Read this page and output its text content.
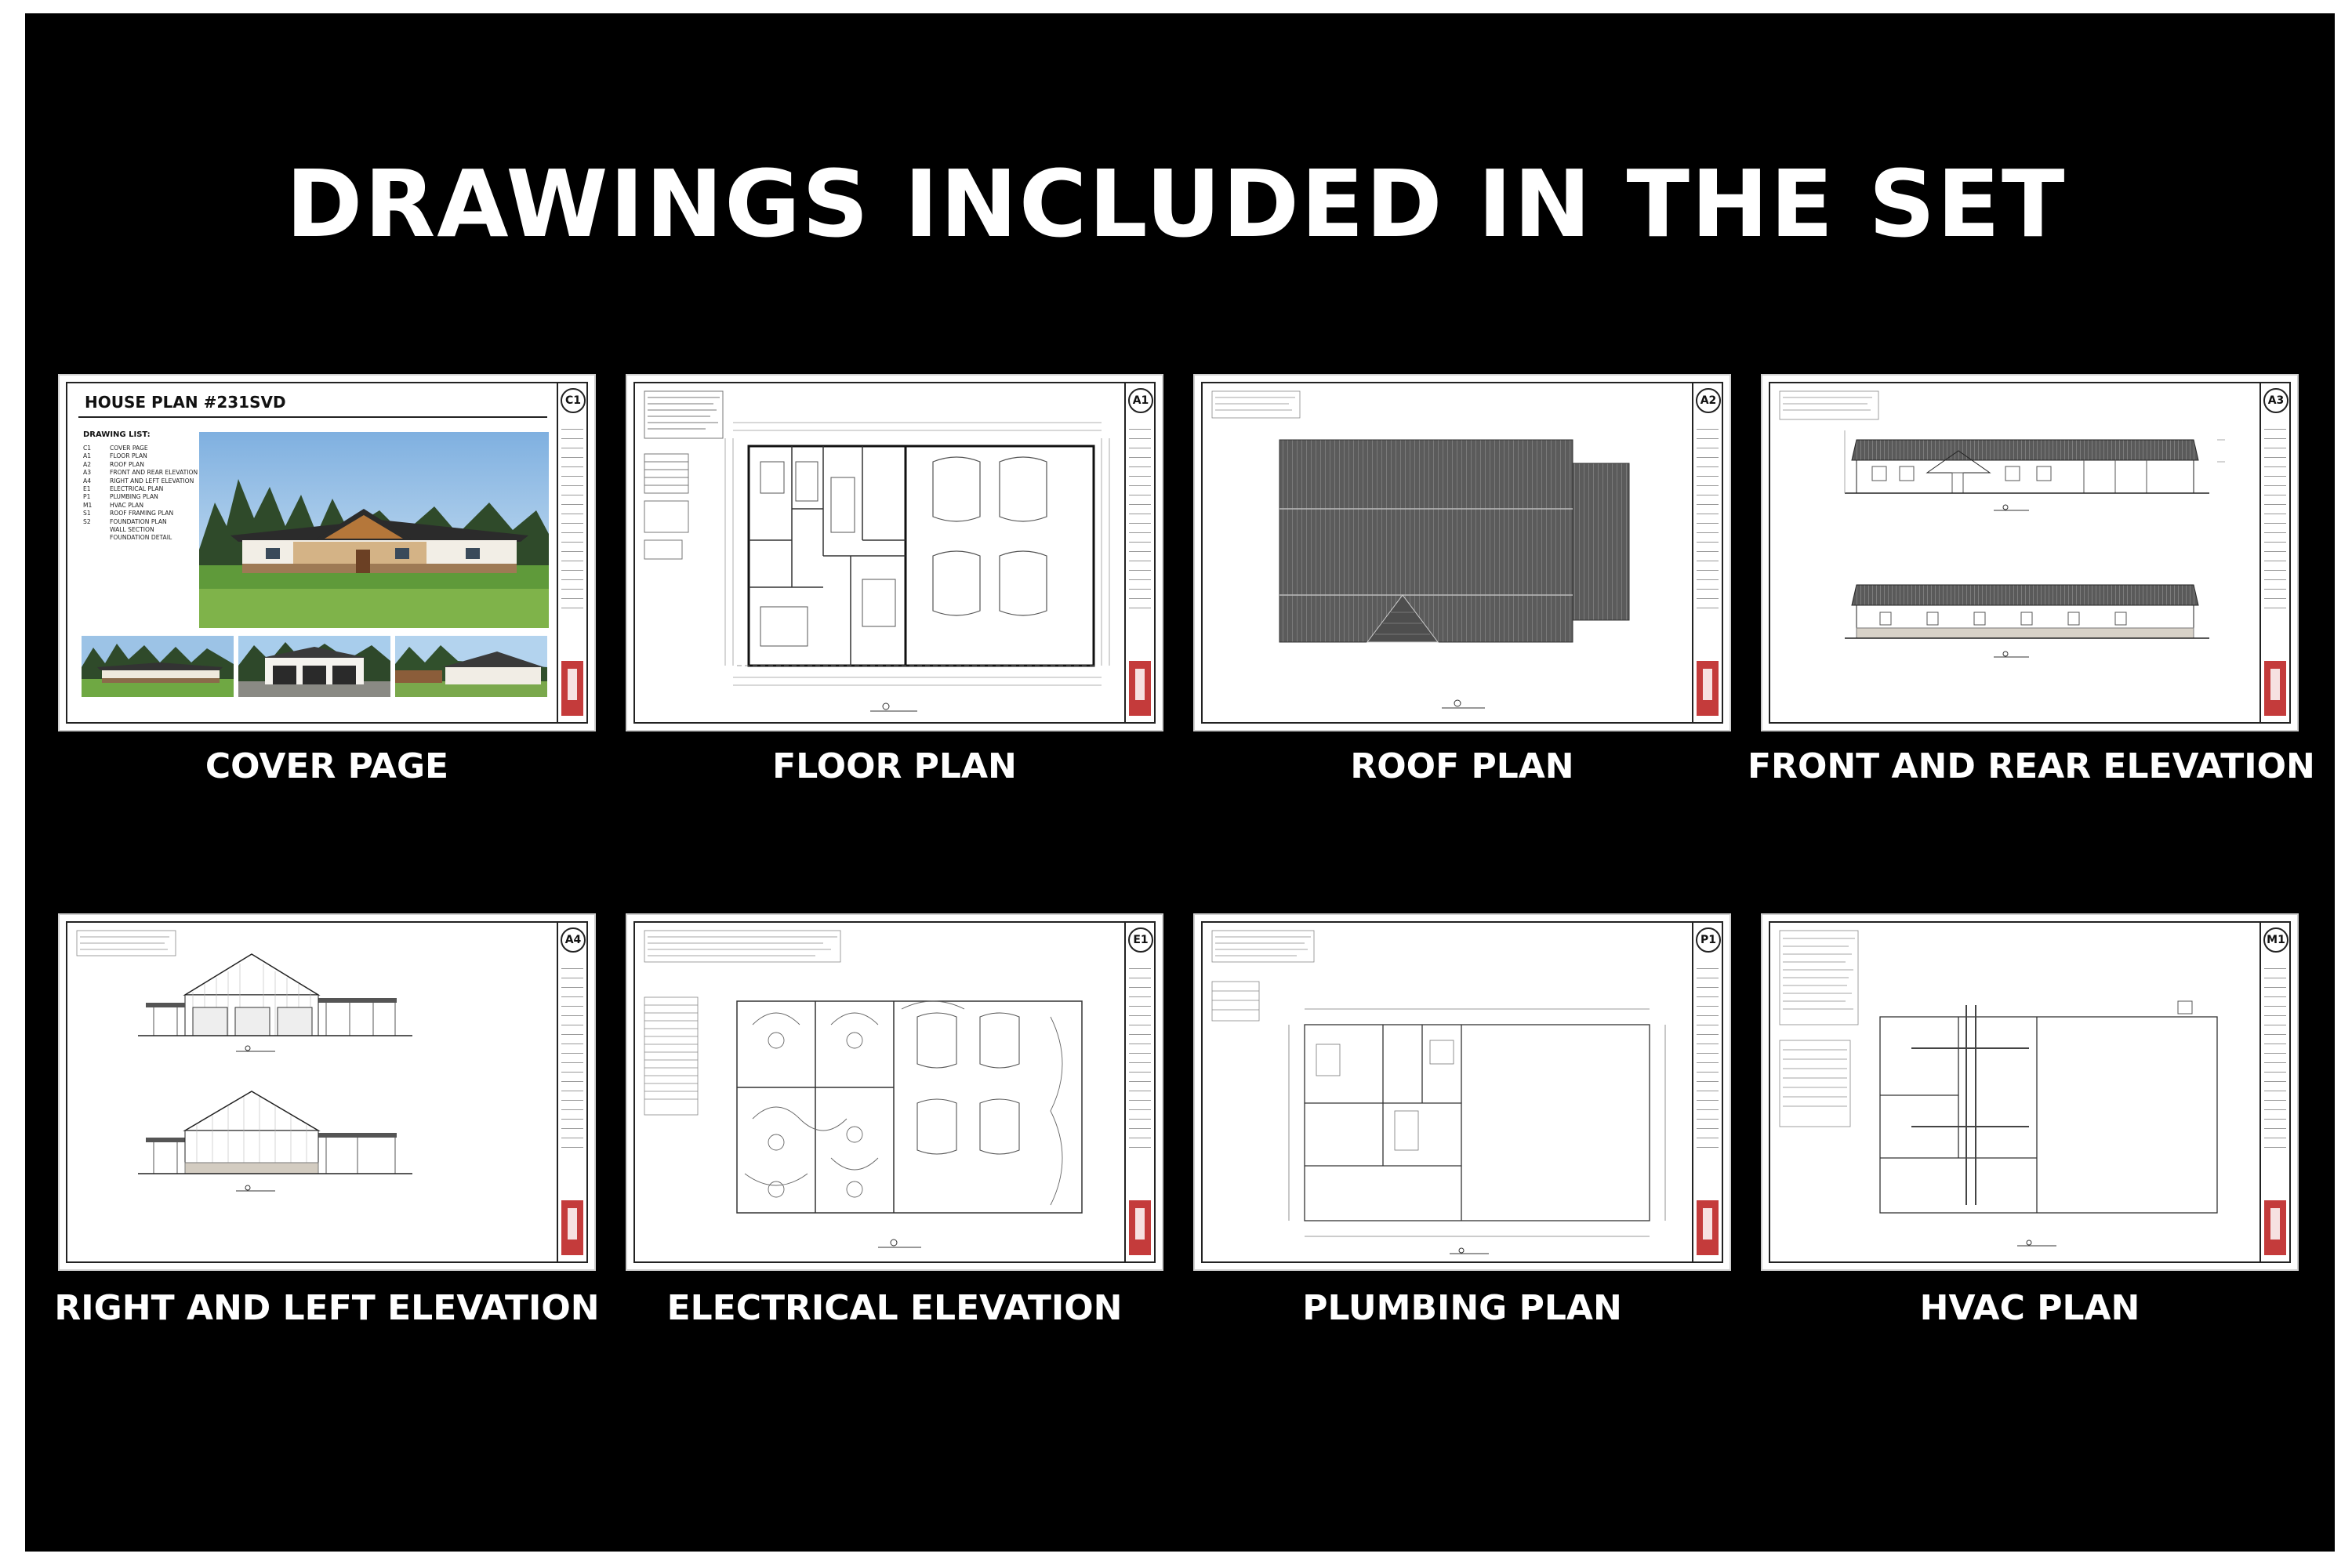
DRAWINGS INCLUDED IN THE SET
HOUSE PLAN #231SVD
DRAWING LIST:
C1	COVER PAGE
A1	FLOOR PLAN
A2	ROOF PLAN
A3	FRONT AND REAR ELEVATION
A4	RIGHT AND LEFT ELEVATION
E1	ELECTRICAL PLAN
P1	PLUMBING PLAN
M1	HVAC PLAN
S1	ROOF FRAMING PLAN
S2	FOUNDATION PLAN
WALL SECTION
FOUNDATION DETAIL
C1
COVER PAGE
A1
FLOOR PLAN
A2
ROOF PLAN
A3
FRONT AND REAR ELEVATION
A4
RIGHT AND LEFT ELEVATION
E1
ELECTRICAL ELEVATION
P1
PLUMBING PLAN
M1
HVAC PLAN
